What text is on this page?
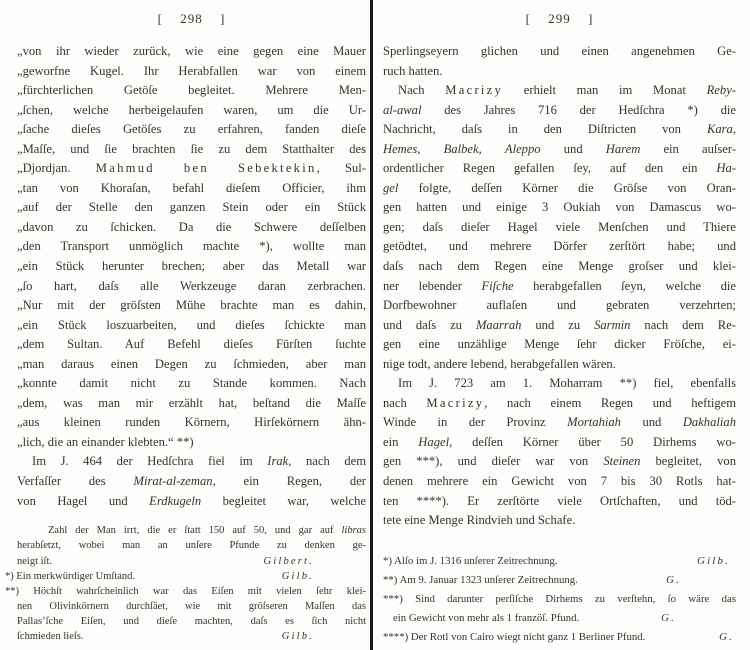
[ 298 ]
„von ihr wieder zurück, wie eine gegen eine Mauer
„geworfne Kugel. Ihr Herabfallen war von einem
„fürchterlichen Getöſe begleitet. Mehrere Men-
„ſchen, welche herbeigelaufen waren, um die Ur-
„ſache dieſes Getöſes zu erfahren, fanden dieſe
„Maſſe, und ſie brachten ſie zu dem Statthalter des
„Djordjan. Mahmud ben Sebektekin, Sul-
„tan von Khoraſan, befahl dieſem Officier, ihm
„auf der Stelle den ganzen Stein oder ein Stück
„davon zu ſchicken. Da die Schwere deſſelben
„den Transport unmöglich machte *), wollte man
„ein Stück herunter brechen; aber das Metall war
„ſo hart, daſs alle Werkzeuge daran zerbrachen.
„Nur mit der gröſsten Mühe brachte man es dahin,
„ein Stück loszuarbeiten, und dieſes ſchickte man
„dem Sultan. Auf Befehl dieſes Fürſten ſuchte
„man daraus einen Degen zu ſchmieden, aber man
„konnte damit nicht zu Stande kommen. Nach
„dem, was man mir erzählt hat, beſtand die Maſſe
„aus kleinen runden Körnern, Hirſekörnern ähn-
„lich, die an einander klebten.“ **)
Im J. 464 der Hedſchra fiel im Irak, nach dem
Verfaſſer des Mirat-al-zeman, ein Regen, der
von Hagel und Erdkugeln begleitet war, welche
Zahl der Man irrt, die er ſtatt 150 auf 50, und gar auf libras
herabſetzt, wobei man an unſere Pfunde zu denken ge-
neigt iſt.	Gilbert.
*) Ein merkwürdiger Umſtand.	Gilb.
**) Höchſt wahrſcheinlich war das Eiſen mit vielen ſehr klei-
nen Olivinkörnern durchſäet, wie mit gröſseren Maſſen das
Pallas’ſche Eiſen, und dieſe machten, daſs es ſich nicht
ſchmieden lieſs.	Gilb.
[ 299 ]
Sperlingseyern glichen und einen angenehmen Ge-
ruch hatten.
Nach Macrizy erhielt man im Monat Reby-
al-awal des Jahres 716 der Hedſchra *) die
Nachricht, daſs in den Diſtricten von Kara,
Hemes, Balbek, Aleppo und Harem ein auſser-
ordentlicher Regen gefallen ſey, auf den ein Ha-
gel folgte, deſſen Körner die Gröſse von Oran-
gen hatten und einige 3 Oukiah von Damascus wo-
gen; daſs dieſer Hagel viele Menſchen und Thiere
getödtet, und mehrere Dörfer zerſtört habe; und
daſs nach dem Regen eine Menge groſser und klei-
ner lebender Fiſche herabgefallen ſeyn, welche die
Dorfbewohner auflaſen und gebraten verzehrten;
und daſs zu Maarrah und zu Sarmin nach dem Re-
gen eine unzählige Menge ſehr dicker Fröſche, ei-
nige todt, andere lebend, herabgefallen wären.
Im J. 723 am 1. Moharram **) fiel, ebenfalls
nach Macrizy, nach einem Regen und heftigem
Winde in der Provinz Mortahiah und Dakhaliah
ein Hagel, deſſen Körner über 50 Dirhems wo-
gen ***), und dieſer war von Steinen begleitet, von
denen mehrere ein Gewicht von 7 bis 30 Rotls hat-
ten ****). Er zerſtörte viele Ortſchaften, und töd-
tete eine Menge Rindvieh und Schafe.
*) Alſo im J. 1316 unſerer Zeitrechnung.	Gilb.
**) Am 9. Januar 1323 unſerer Zeitrechnung.	G.
***) Sind darunter perſiſche Dirhems zu verſtehn, ſo wäre das
ein Gewicht von mehr als 1 franzöſ. Pfund.	G.
****) Der Rotl von Cairo wiegt nicht ganz 1 Berliner Pfund.	G.
